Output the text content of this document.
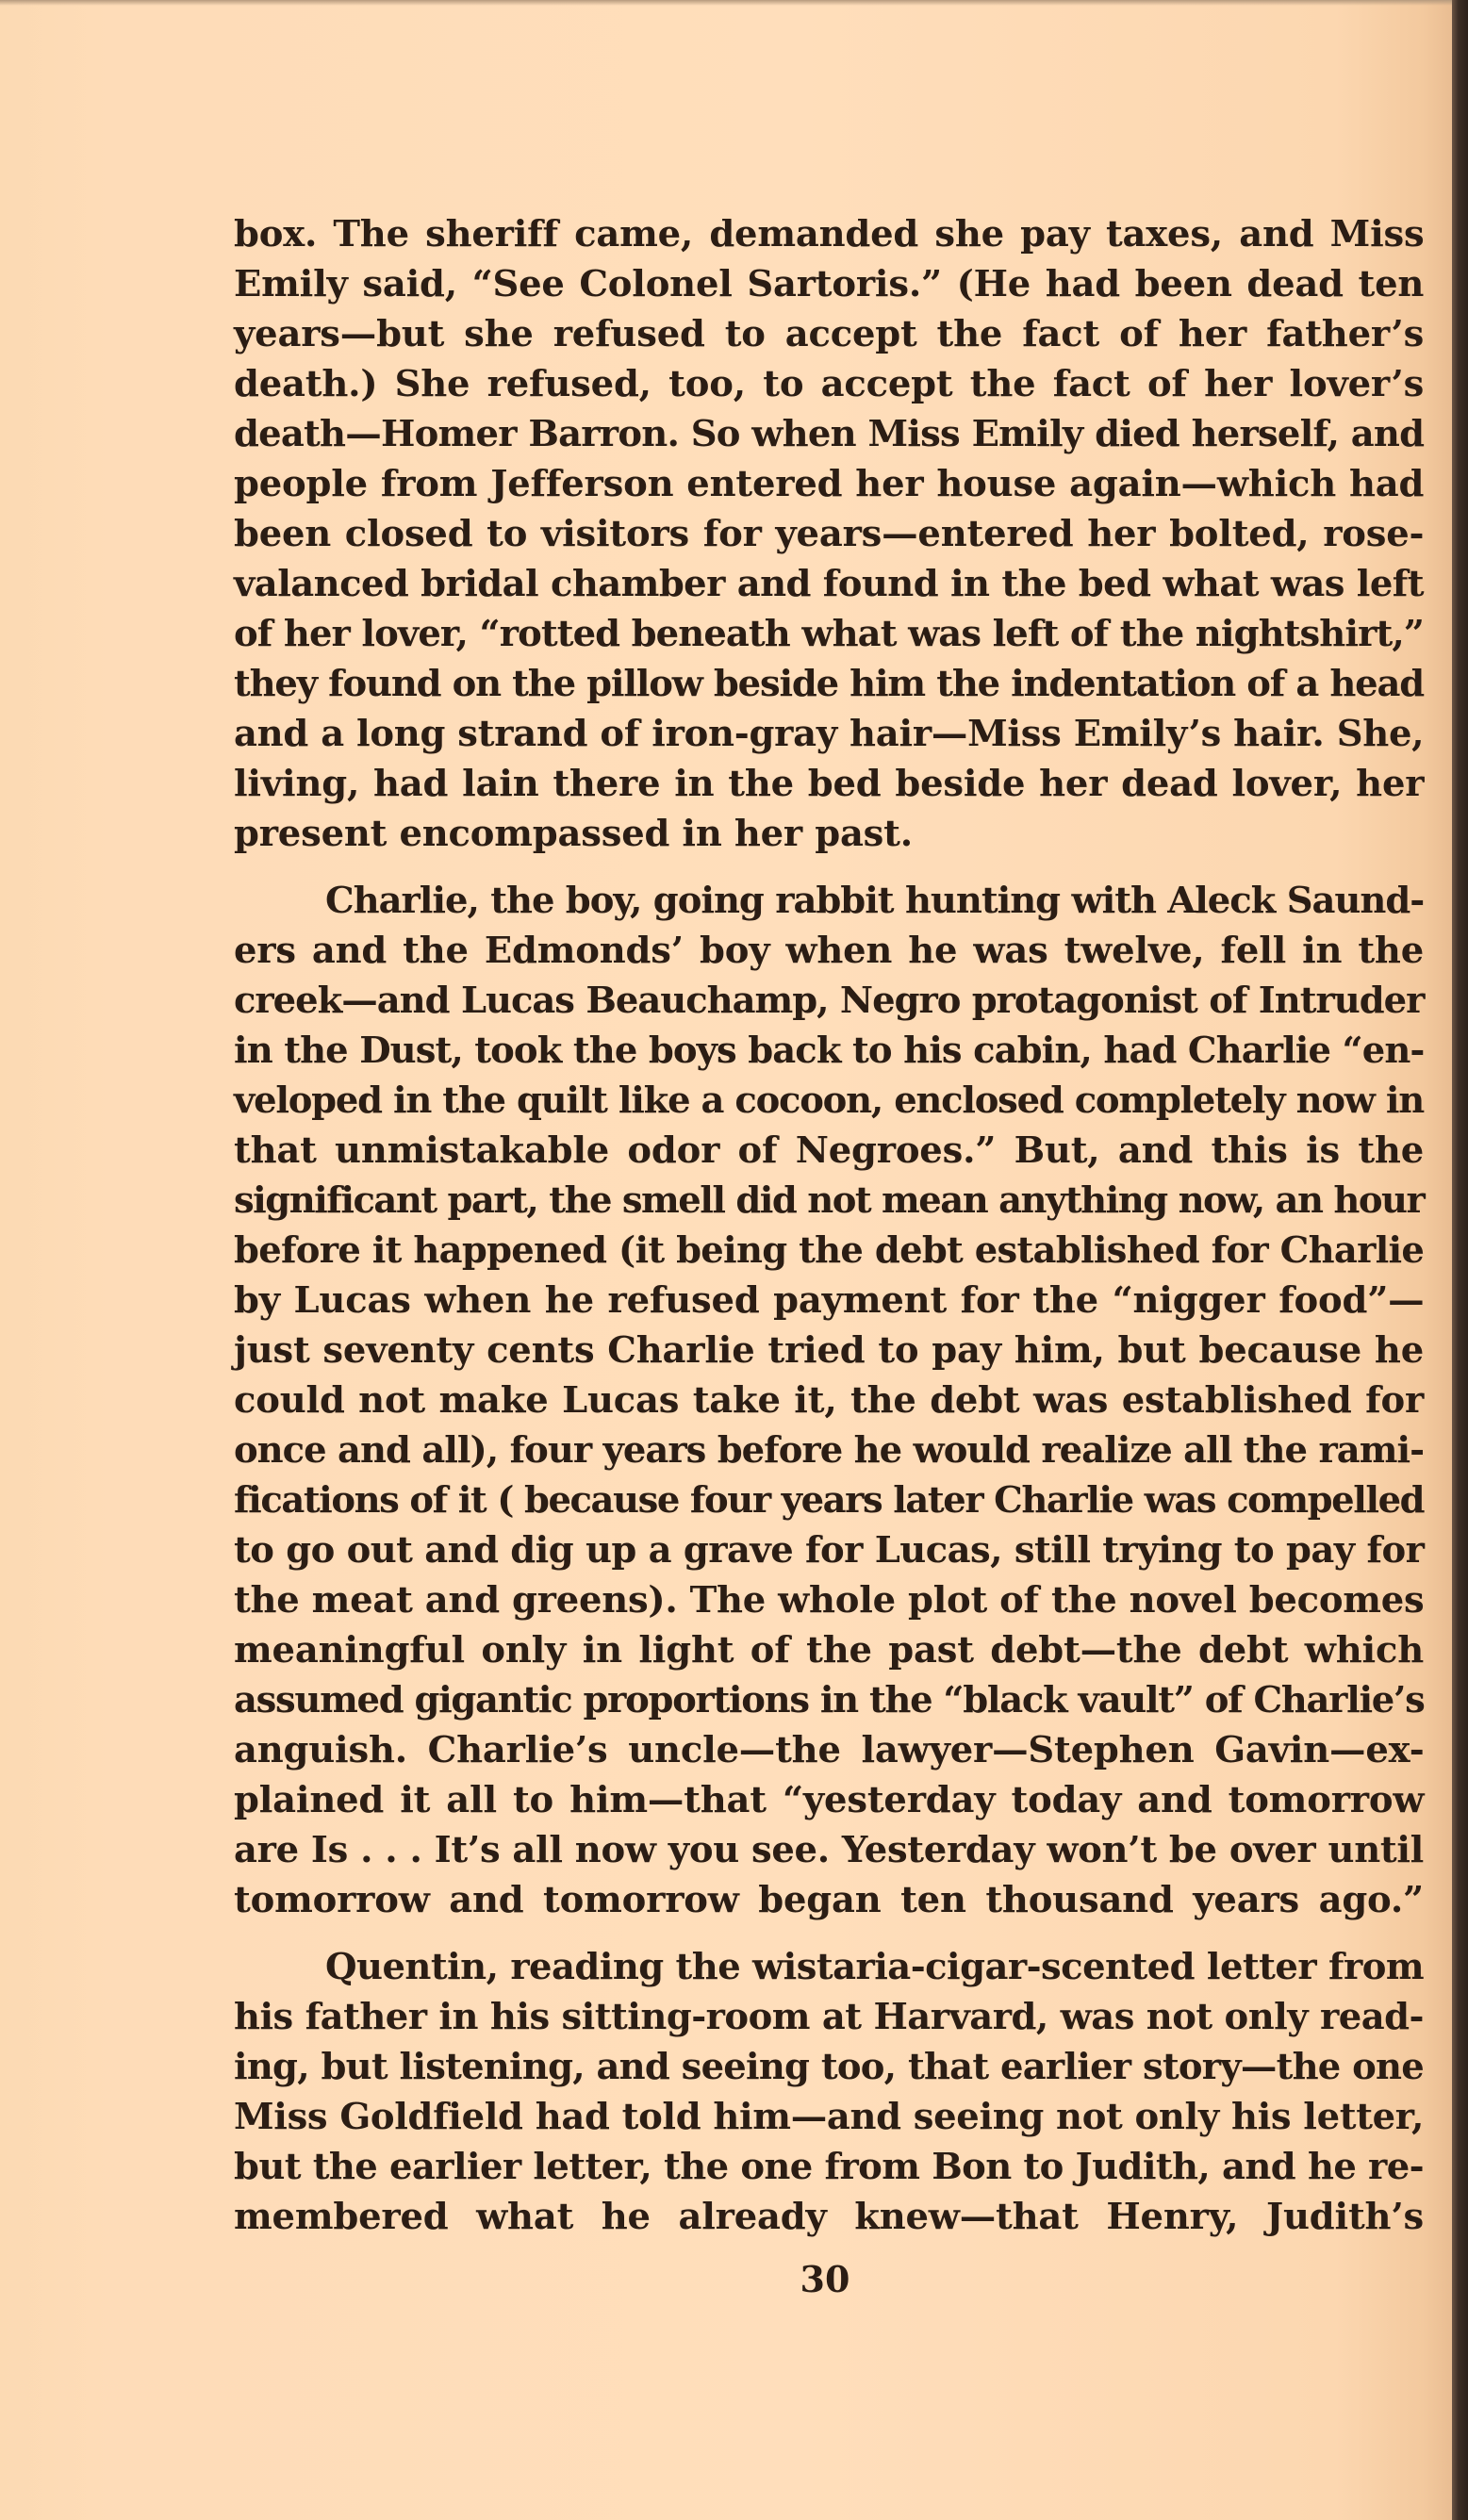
box. The sheriff came, demanded she pay taxes, and Miss
Emily said, “See Colonel Sartoris.” (He had been dead ten
years—but she refused to accept the fact of her father’s
death.) She refused, too, to accept the fact of her lover’s
death—Homer Barron. So when Miss Emily died herself, and
people from Jefferson entered her house again—which had
been closed to visitors for years—entered her bolted, rose-
valanced bridal chamber and found in the bed what was left
of her lover, “rotted beneath what was left of the nightshirt,”
they found on the pillow beside him the indentation of a head
and a long strand of iron-gray hair—Miss Emily’s hair. She,
living, had lain there in the bed beside her dead lover, her
present encompassed in her past.
Charlie, the boy, going rabbit hunting with Aleck Saund-
ers and the Edmonds’ boy when he was twelve, fell in the
creek—and Lucas Beauchamp, Negro protagonist of Intruder
in the Dust, took the boys back to his cabin, had Charlie “en-
veloped in the quilt like a cocoon, enclosed completely now in
that unmistakable odor of Negroes.” But, and this is the
significant part, the smell did not mean anything now, an hour
before it happened (it being the debt established for Charlie
by Lucas when he refused payment for the “nigger food”—
just seventy cents Charlie tried to pay him, but because he
could not make Lucas take it, the debt was established for
once and all), four years before he would realize all the rami-
fications of it ( because four years later Charlie was compelled
to go out and dig up a grave for Lucas, still trying to pay for
the meat and greens). The whole plot of the novel becomes
meaningful only in light of the past debt—the debt which
assumed gigantic proportions in the “black vault” of Charlie’s
anguish. Charlie’s uncle—the lawyer—Stephen Gavin—ex-
plained it all to him—that “yesterday today and tomorrow
are Is . . . It’s all now you see. Yesterday won’t be over until
tomorrow and tomorrow began ten thousand years ago.”
Quentin, reading the wistaria-cigar-scented letter from
his father in his sitting-room at Harvard, was not only read-
ing, but listening, and seeing too, that earlier story—the one
Miss Goldfield had told him—and seeing not only his letter,
but the earlier letter, the one from Bon to Judith, and he re-
membered what he already knew—that Henry, Judith’s
30
